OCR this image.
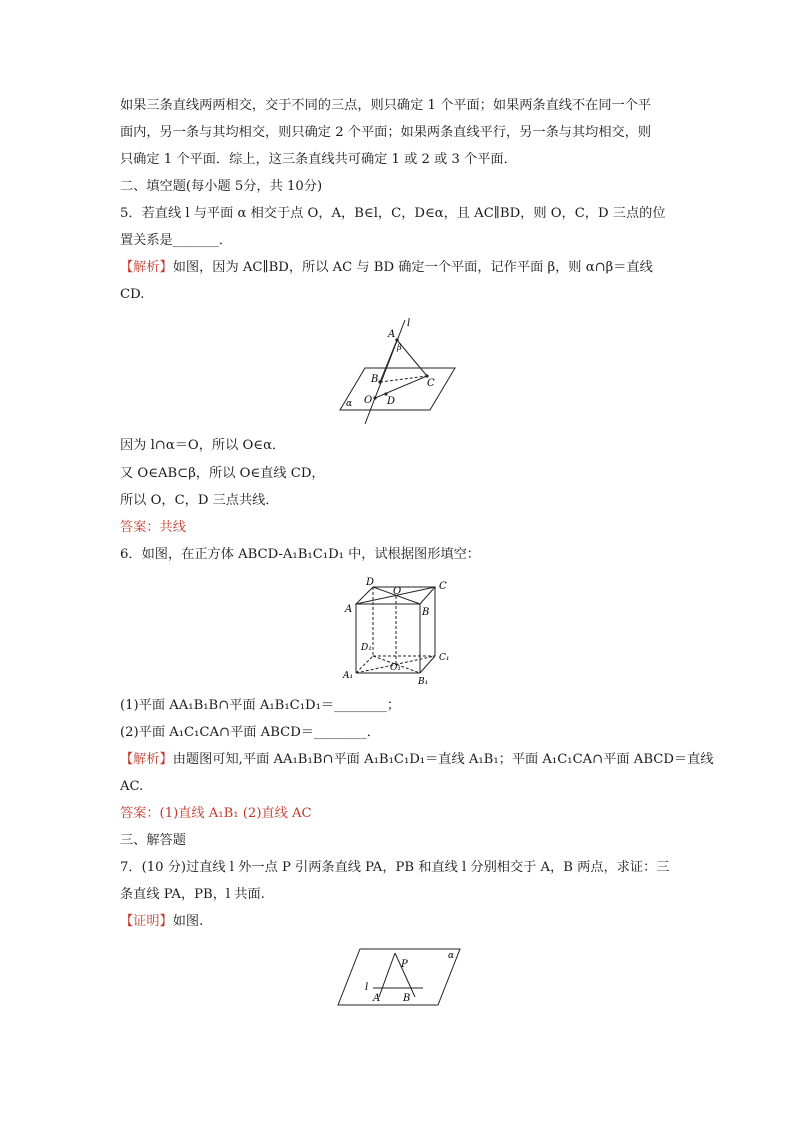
如果三条直线两两相交，交于不同的三点，则只确定 1 个平面；如果两条直线不在同一个平
面内，另一条与其均相交，则只确定 2 个平面；如果两条直线平行，另一条与其均相交，则
只确定 1 个平面．综上，这三条直线共可确定 1 或 2 或 3 个平面．
二、填空题(每小题 5分，共 10分)
5．若直线 l 与平面 α 相交于点 O，A，B∈l，C，D∈α，且 AC∥BD，则 O，C，D 三点的位
置关系是_______．
【解析】如图，因为 AC∥BD，所以 AC 与 BD 确定一个平面，记作平面 β，则 α∩β＝直线
CD.
l
A
β
B	C
O D
α
因为 l∩α＝O，所以 O∈α．
又 O∈AB⊂β，所以 O∈直线 CD，
所以 O，C，D 三点共线．
答案：共线
6．如图，在正方体 ABCD-A₁B₁C₁D₁ 中，试根据图形填空：
D
O	C
A	B
D₁
C₁
O₁
A₁
B₁
(1)平面 AA₁B₁B∩平面 A₁B₁C₁D₁＝________；
(2)平面 A₁C₁CA∩平面 ABCD＝________．
【解析】由题图可知,平面 AA₁B₁B∩平面 A₁B₁C₁D₁＝直线 A₁B₁；平面 A₁C₁CA∩平面 ABCD＝直线
AC.
答案：(1)直线 A₁B₁ (2)直线 AC
三、解答题
7．(10 分)过直线 l 外一点 P 引两条直线 PA，PB 和直线 l 分别相交于 A，B 两点，求证：三
条直线 PA，PB，l 共面.
【证明】如图.
α
P
l
A B
